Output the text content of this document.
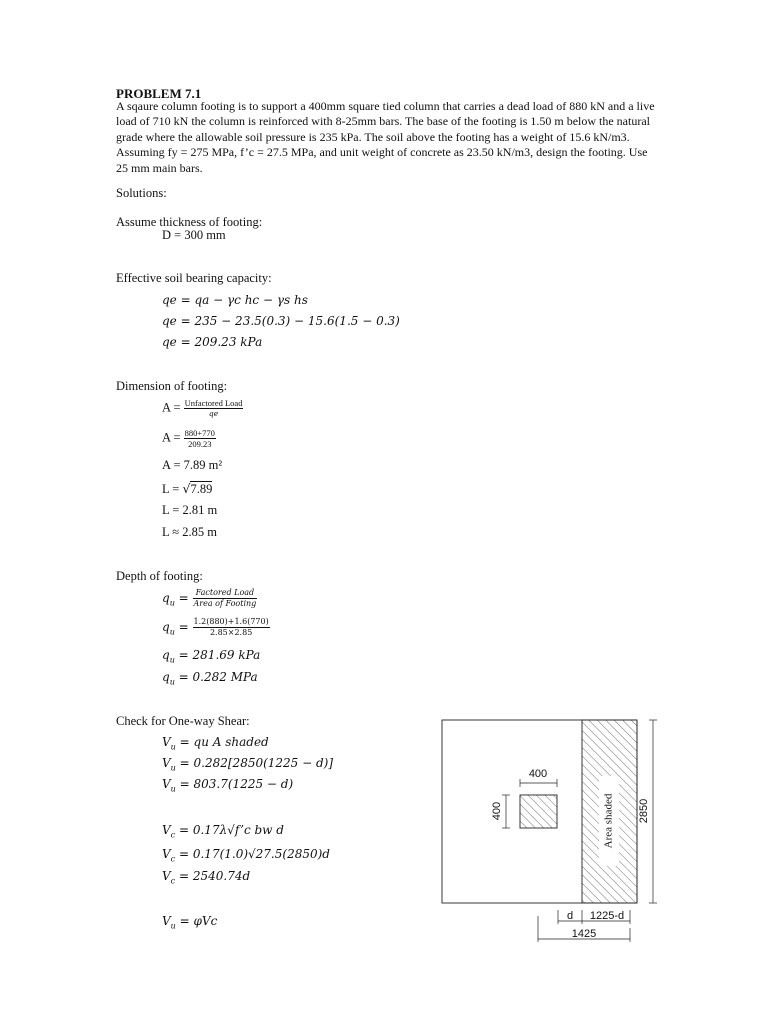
PROBLEM 7.1

A sqaure column footing is to support a 400mm square tied column that carries a dead load of 880 kN and a live load of 710 kN the column is reinforced with 8-25mm bars. The base of the footing is 1.50 m below the natural grade where the allowable soil pressure is 235 kPa. The soil above the footing has a weight of 15.6 kN/m3. Assuming fy = 275 MPa, f’c = 27.5 MPa, and unit weight of concrete as 23.50 kN/m3, design the footing. Use 25 mm main bars.

Solutions:
Assume thickness of footing:
D = 300 mm
Effective soil bearing capacity:
qe = qa − γc hc − γs hs
qe = 235 − 23.5(0.3) − 15.6(1.5 − 0.3)
qe = 209.23 kPa
Dimension of footing:
$A = \frac{\text{Unfactored Load}}{qe}$
$A = \frac{880+770}{209.23}$
A = 7.89 m²
L = √7.89
L = 2.81 m
L ≈ 2.85 m
Depth of footing:
$q_u = \frac{\text{Factored Load}}{\text{Area of Footing}}$
$q_u = \frac{1.2(880)+1.6(770)}{2.85\times 2.85}$
$q_u = 281.69$ kPa
$q_u = 0.282$ MPa
Check for One-way Shear:
$V_u$ = qu A shaded
$V_u = 0.282[2850(1225 - d)]$
$V_u = 803.7(1225 - d)$
$V_c$ = 0.17λ√f’c bw d
$V_c = 0.17(1.0)√27.5(2850)d$
$V_c = 2540.74d$
$V_u = \varphi Vc$
Area shaded
400
400	2850
d 1225-d
1425
